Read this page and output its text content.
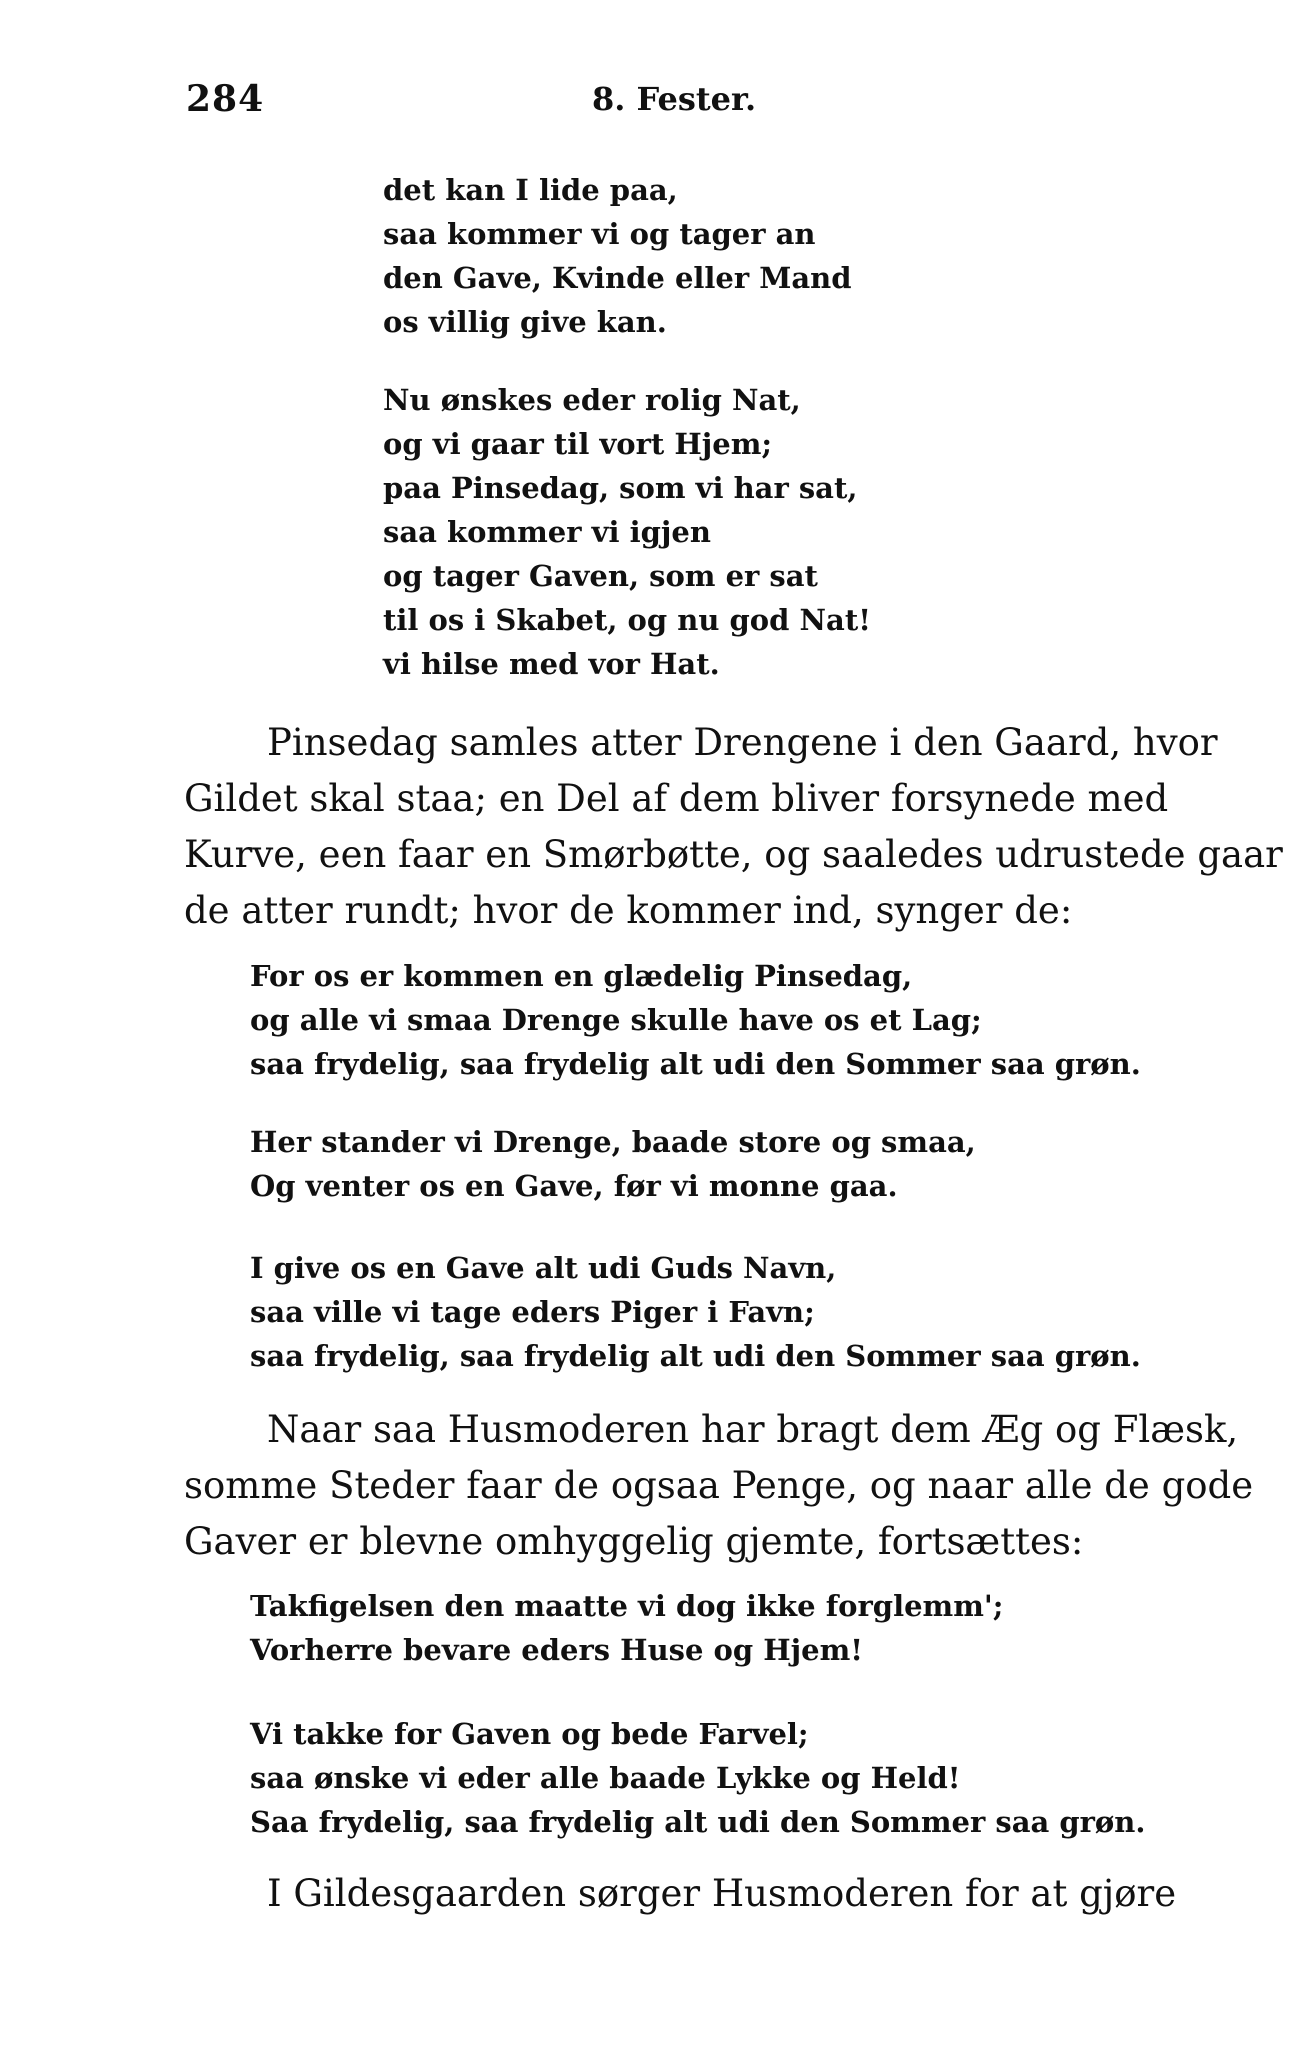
284	8. Fester.
det kan I lide paa,
saa kommer vi og tager an
den Gave, Kvinde eller Mand
os villig give kan.
Nu ønskes eder rolig Nat,
og vi gaar til vort Hjem;
paa Pinsedag, som vi har sat,
saa kommer vi igjen
og tager Gaven, som er sat
til os i Skabet, og nu god Nat!
vi hilse med vor Hat.
Pinsedag samles atter Drengene i den Gaard, hvor
Gildet skal staa; en Del af dem bliver forsynede med
Kurve, een faar en Smørbøtte, og saaledes udrustede gaar
de atter rundt; hvor de kommer ind, synger de:
For os er kommen en glædelig Pinsedag,
og alle vi smaa Drenge skulle have os et Lag;
saa frydelig, saa frydelig alt udi den Sommer saa grøn.
Her stander vi Drenge, baade store og smaa,
Og venter os en Gave, før vi monne gaa.
I give os en Gave alt udi Guds Navn,
saa ville vi tage eders Piger i Favn;
saa frydelig, saa frydelig alt udi den Sommer saa grøn.
Naar saa Husmoderen har bragt dem Æg og Flæsk,
somme Steder faar de ogsaa Penge, og naar alle de gode
Gaver er blevne omhyggelig gjemte, fortsættes:
Takfigelsen den maatte vi dog ikke forglemm';
Vorherre bevare eders Huse og Hjem!
Vi takke for Gaven og bede Farvel;
saa ønske vi eder alle baade Lykke og Held!
Saa frydelig, saa frydelig alt udi den Sommer saa grøn.
I Gildesgaarden sørger Husmoderen for at gjøre
